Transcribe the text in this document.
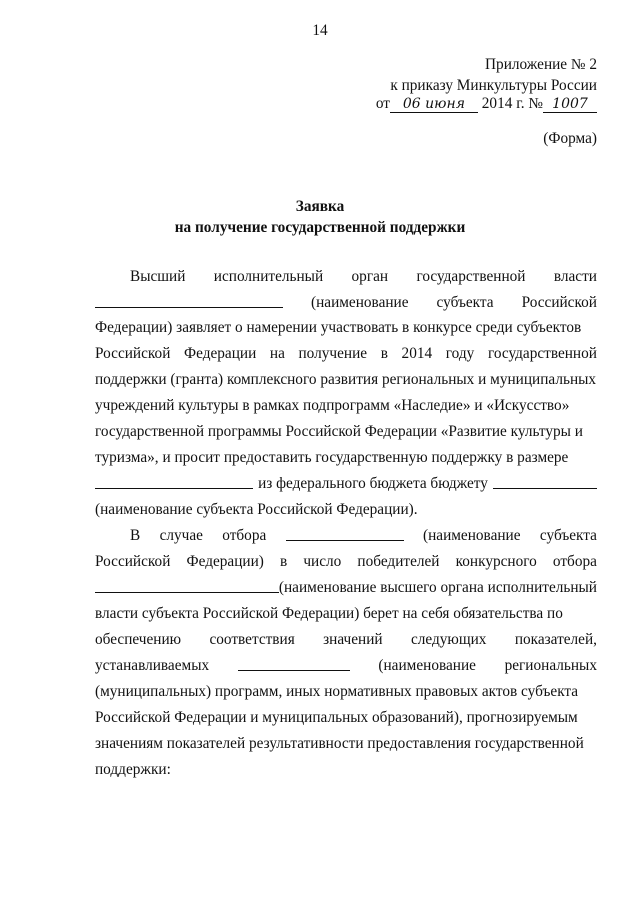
14
Приложение № 2
к приказу Минкультуры России
от 06 июня 2014 г. № 1007
(Форма)
Заявка
на получение государственной поддержки
Высший исполнительный орган государственной власти
(наименование субъекта Российской
Федерации) заявляет о намерении участвовать в конкурсе среди субъектов
Российской Федерации на получение в 2014 году государственной
поддержки (гранта) комплексного развития региональных и муниципальных
учреждений культуры в рамках подпрограмм «Наследие» и «Искусство»
государственной программы Российской Федерации «Развитие культуры и
туризма», и просит предоставить государственную поддержку в размере
из федерального бюджета бюджету
(наименование субъекта Российской Федерации).
В случае отбора	(наименование субъекта
Российской Федерации) в число победителей конкурсного отбора
(наименование высшего органа исполнительный
власти субъекта Российской Федерации) берет на себя обязательства по
обеспечению соответствия значений следующих показателей,
устанавливаемых	(наименование региональных
(муниципальных) программ, иных нормативных правовых актов субъекта
Российской Федерации и муниципальных образований), прогнозируемым
значениям показателей результативности предоставления государственной
поддержки:
